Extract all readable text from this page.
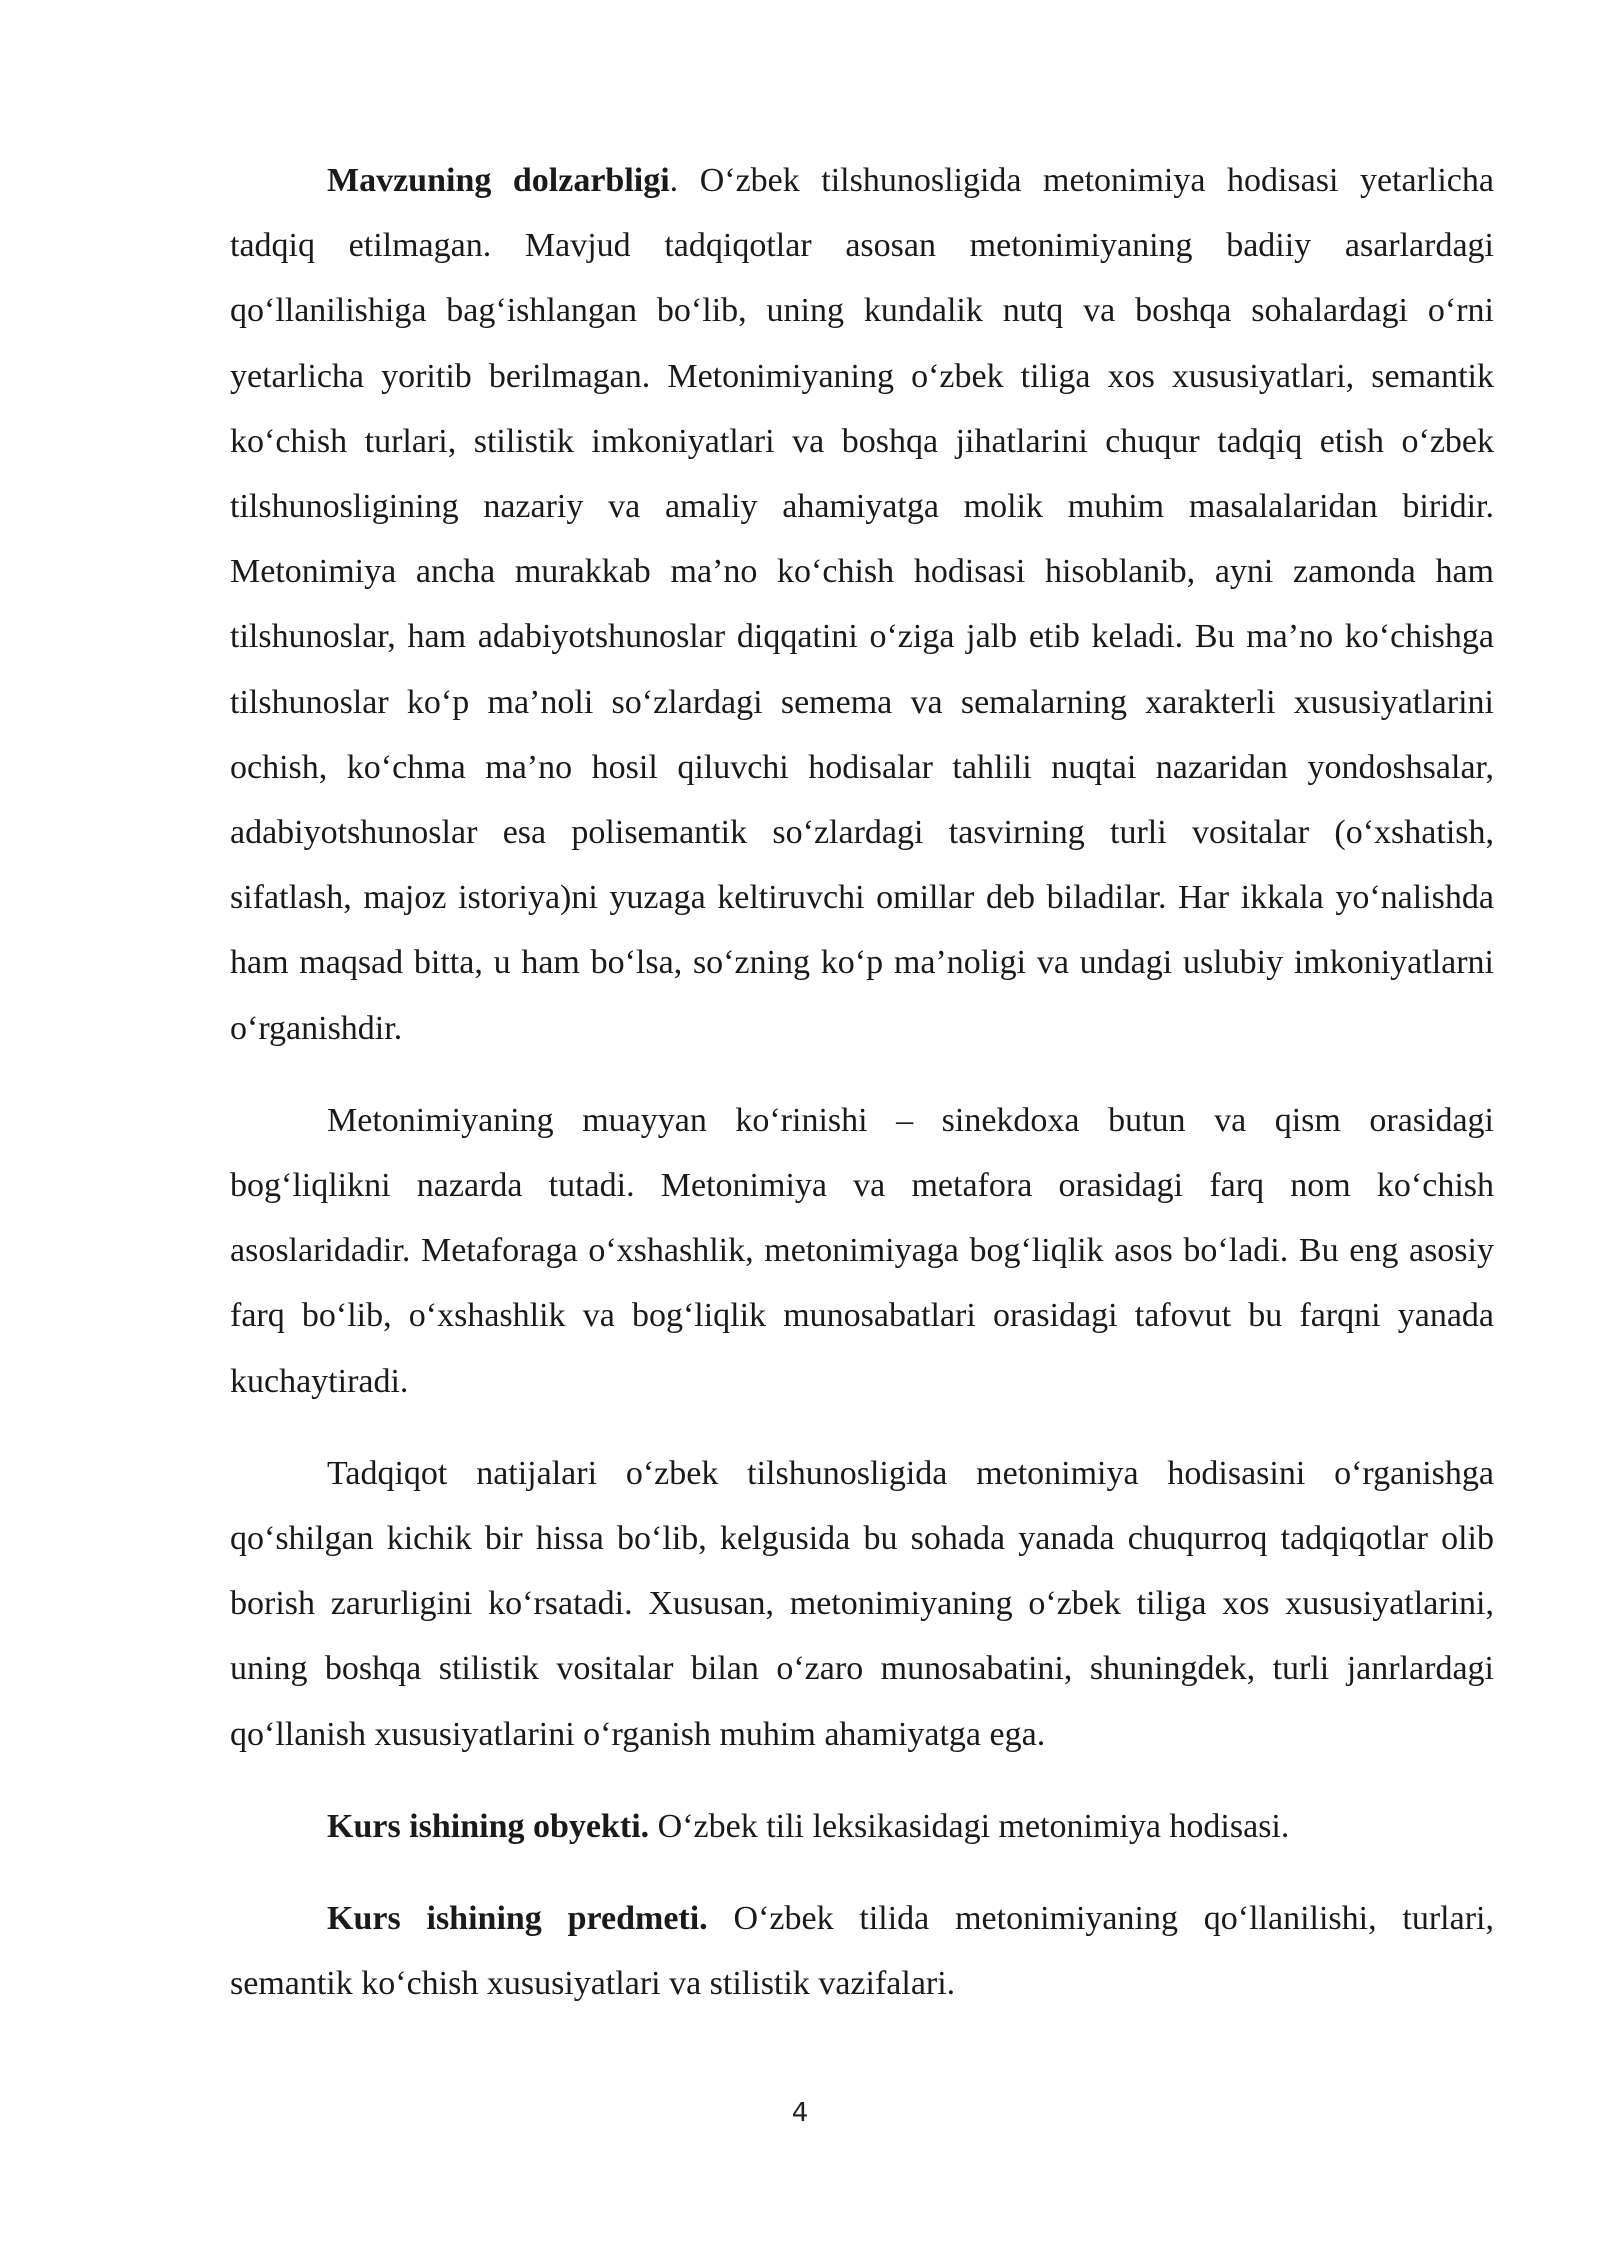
Mavzuning dolzarbligi. O‘zbek tilshunosligida metonimiya hodisasi yetarlicha tadqiq etilmagan. Mavjud tadqiqotlar asosan metonimiyaning badiiy asarlardagi qo‘llanilishiga bag‘ishlangan bo‘lib, uning kundalik nutq va boshqa sohalardagi o‘rni yetarlicha yoritib berilmagan. Metonimiyaning o‘zbek tiliga xos xususiyatlari, semantik ko‘chish turlari, stilistik imkoniyatlari va boshqa jihatlarini chuqur tadqiq etish o‘zbek tilshunosligining nazariy va amaliy ahamiyatga molik muhim masalalaridan biridir. Metonimiya ancha murakkab ma’no ko‘chish hodisasi hisoblanib, ayni zamonda ham tilshunoslar, ham adabiyotshunoslar diqqatini o‘ziga jalb etib keladi. Bu ma’no ko‘chishga tilshunoslar ko‘p ma’noli so‘zlardagi semema va semalarning xarakterli xususiyatlarini ochish, ko‘chma ma’no hosil qiluvchi hodisalar tahlili nuqtai nazaridan yondoshsalar, adabiyotshunoslar esa polisemantik so‘zlardagi tasvirning turli vositalar (o‘xshatish, sifatlash, majoz istoriya)ni yuzaga keltiruvchi omillar deb biladilar. Har ikkala yo‘nalishda ham maqsad bitta, u ham bo‘lsa, so‘zning ko‘p ma’noligi va undagi uslubiy imkoniyatlarni o‘rganishdir.

Metonimiyaning muayyan ko‘rinishi – sinekdoxa butun va qism orasidagi bog‘liqlikni nazarda tutadi. Metonimiya va metafora orasidagi farq nom ko‘chish asoslaridadir. Metaforaga o‘xshashlik, metonimiyaga bog‘liqlik asos bo‘ladi. Bu eng asosiy farq bo‘lib, o‘xshashlik va bog‘liqlik munosabatlari orasidagi tafovut bu farqni yanada kuchaytiradi.

Tadqiqot natijalari o‘zbek tilshunosligida metonimiya hodisasini o‘rganishga qo‘shilgan kichik bir hissa bo‘lib, kelgusida bu sohada yanada chuqurroq tadqiqotlar olib borish zarurligini ko‘rsatadi. Xususan, metonimiyaning o‘zbek tiliga xos xususiyatlarini, uning boshqa stilistik vositalar bilan o‘zaro munosabatini, shuningdek, turli janrlardagi qo‘llanish xususiyatlarini o‘rganish muhim ahamiyatga ega.

Kurs ishining obyekti. O‘zbek tili leksikasidagi metonimiya hodisasi.

Kurs ishining predmeti. O‘zbek tilida metonimiyaning qo‘llanilishi, turlari, semantik ko‘chish xususiyatlari va stilistik vazifalari.

4
